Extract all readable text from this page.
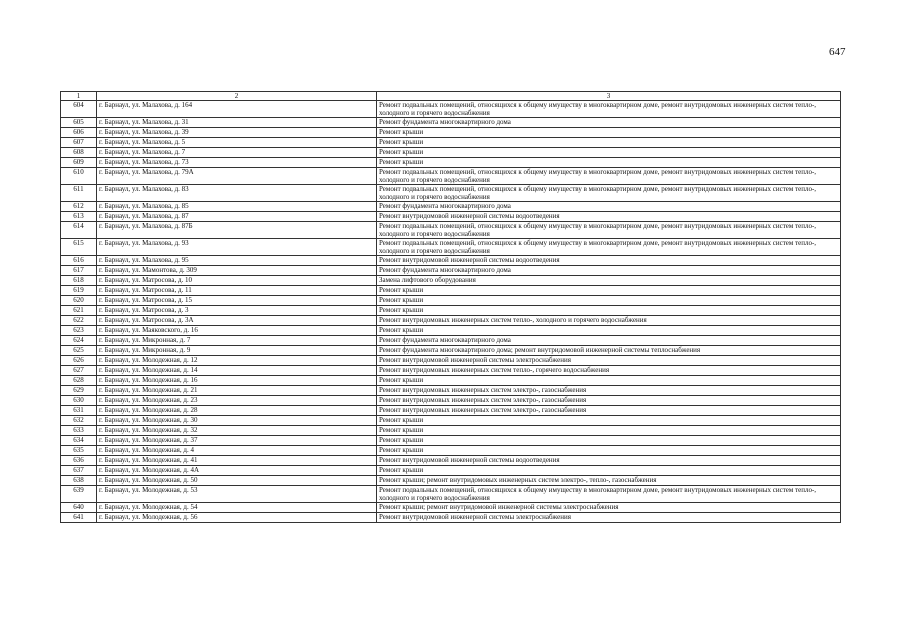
647
1	2	3
604	г. Барнаул, ул. Малахова, д. 164	Ремонт подвальных помещений, относящихся к общему имуществу в многоквартирном доме, ремонт внутридомовых инженерных систем тепло-, холодного и горячего водоснабжения
605	г. Барнаул, ул. Малахова, д. 31	Ремонт фундамента многоквартирного дома
606	г. Барнаул, ул. Малахова, д. 39	Ремонт крыши
607	г. Барнаул, ул. Малахова, д. 5	Ремонт крыши
608	г. Барнаул, ул. Малахова, д. 7	Ремонт крыши
609	г. Барнаул, ул. Малахова, д. 73	Ремонт крыши
610	г. Барнаул, ул. Малахова, д. 79А	Ремонт подвальных помещений, относящихся к общему имуществу в многоквартирном доме, ремонт внутридомовых инженерных систем тепло-, холодного и горячего водоснабжения
611	г. Барнаул, ул. Малахова, д. 83	Ремонт подвальных помещений, относящихся к общему имуществу в многоквартирном доме, ремонт внутридомовых инженерных систем тепло-, холодного и горячего водоснабжения
612	г. Барнаул, ул. Малахова, д. 85	Ремонт фундамента многоквартирного дома
613	г. Барнаул, ул. Малахова, д. 87	Ремонт внутридомовой инженерной системы водоотведения
614	г. Барнаул, ул. Малахова, д. 87Б	Ремонт подвальных помещений, относящихся к общему имуществу в многоквартирном доме, ремонт внутридомовых инженерных систем тепло-, холодного и горячего водоснабжения
615	г. Барнаул, ул. Малахова, д. 93	Ремонт подвальных помещений, относящихся к общему имуществу в многоквартирном доме, ремонт внутридомовых инженерных систем тепло-, холодного и горячего водоснабжения
616	г. Барнаул, ул. Малахова, д. 95	Ремонт внутридомовой инженерной системы водоотведения
617	г. Барнаул, ул. Мамонтова, д. 309	Ремонт фундамента многоквартирного дома
618	г. Барнаул, ул. Матросова, д. 10	Замена лифтового оборудования
619	г. Барнаул, ул. Матросова, д. 11	Ремонт крыши
620	г. Барнаул, ул. Матросова, д. 15	Ремонт крыши
621	г. Барнаул, ул. Матросова, д. 3	Ремонт крыши
622	г. Барнаул, ул. Матросова, д. 3А	Ремонт внутридомовых инженерных систем тепло-, холодного и горячего водоснабжения
623	г. Барнаул, ул. Маяковского, д. 16	Ремонт крыши
624	г. Барнаул, ул. Микронная, д. 7	Ремонт фундамента многоквартирного дома
625	г. Барнаул, ул. Микронная, д. 9	Ремонт фундамента многоквартирного дома; ремонт внутридомовой инженерной системы теплоснабжения
626	г. Барнаул, ул. Молодежная, д. 12	Ремонт внутридомовой инженерной системы электроснабжения
627	г. Барнаул, ул. Молодежная, д. 14	Ремонт внутридомовых инженерных систем тепло-, горячего водоснабжения
628	г. Барнаул, ул. Молодежная, д. 16	Ремонт крыши
629	г. Барнаул, ул. Молодежная, д. 21	Ремонт внутридомовых инженерных систем электро-, газоснабжения
630	г. Барнаул, ул. Молодежная, д. 23	Ремонт внутридомовых инженерных систем электро-, газоснабжения
631	г. Барнаул, ул. Молодежная, д. 28	Ремонт внутридомовых инженерных систем электро-, газоснабжения
632	г. Барнаул, ул. Молодежная, д. 30	Ремонт крыши
633	г. Барнаул, ул. Молодежная, д. 32	Ремонт крыши
634	г. Барнаул, ул. Молодежная, д. 37	Ремонт крыши
635	г. Барнаул, ул. Молодежная, д. 4	Ремонт крыши
636	г. Барнаул, ул. Молодежная, д. 41	Ремонт внутридомовой инженерной системы водоотведения
637	г. Барнаул, ул. Молодежная, д. 4А	Ремонт крыши
638	г. Барнаул, ул. Молодежная, д. 50	Ремонт крыши; ремонт внутридомовых инженерных систем электро-, тепло-, газоснабжения
639	г. Барнаул, ул. Молодежная, д. 53	Ремонт подвальных помещений, относящихся к общему имуществу в многоквартирном доме, ремонт внутридомовых инженерных систем тепло-, холодного и горячего водоснабжения
640	г. Барнаул, ул. Молодежная, д. 54	Ремонт крыши; ремонт внутридомовой инженерной системы электроснабжения
641	г. Барнаул, ул. Молодежная, д. 56	Ремонт внутридомовой инженерной системы электроснабжения
